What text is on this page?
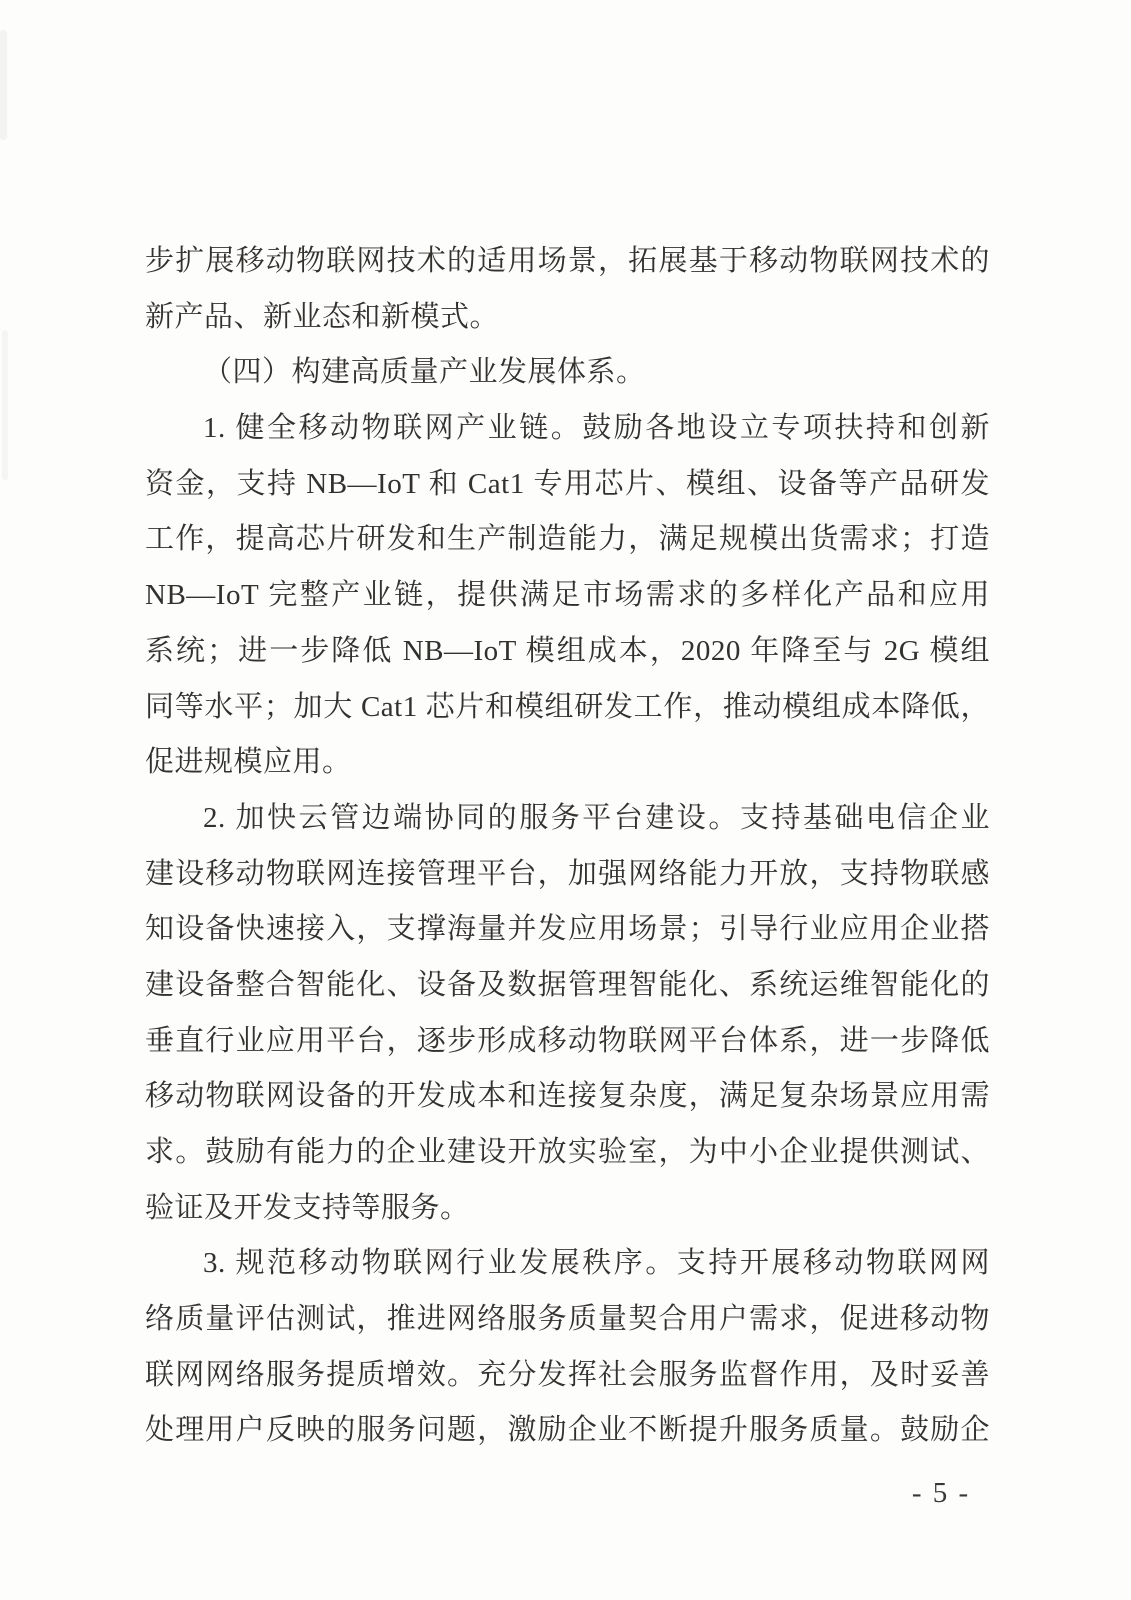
步扩展移动物联网技术的适用场景，拓展基于移动物联网技术的
新产品、新业态和新模式。
（四）构建高质量产业发展体系。
1. 健全移动物联网产业链。鼓励各地设立专项扶持和创新
资金，支持 NB—IoT 和 Cat1 专用芯片、模组、设备等产品研发
工作，提高芯片研发和生产制造能力，满足规模出货需求；打造
NB—IoT 完整产业链，提供满足市场需求的多样化产品和应用
系统；进一步降低 NB—IoT 模组成本，2020 年降至与 2G 模组
同等水平；加大 Cat1 芯片和模组研发工作，推动模组成本降低，
促进规模应用。
2. 加快云管边端协同的服务平台建设。支持基础电信企业
建设移动物联网连接管理平台，加强网络能力开放，支持物联感
知设备快速接入，支撑海量并发应用场景；引导行业应用企业搭
建设备整合智能化、设备及数据管理智能化、系统运维智能化的
垂直行业应用平台，逐步形成移动物联网平台体系，进一步降低
移动物联网设备的开发成本和连接复杂度，满足复杂场景应用需
求。鼓励有能力的企业建设开放实验室，为中小企业提供测试、
验证及开发支持等服务。
3. 规范移动物联网行业发展秩序。支持开展移动物联网网
络质量评估测试，推进网络服务质量契合用户需求，促进移动物
联网网络服务提质增效。充分发挥社会服务监督作用，及时妥善
处理用户反映的服务问题，激励企业不断提升服务质量。鼓励企
- 5 -
